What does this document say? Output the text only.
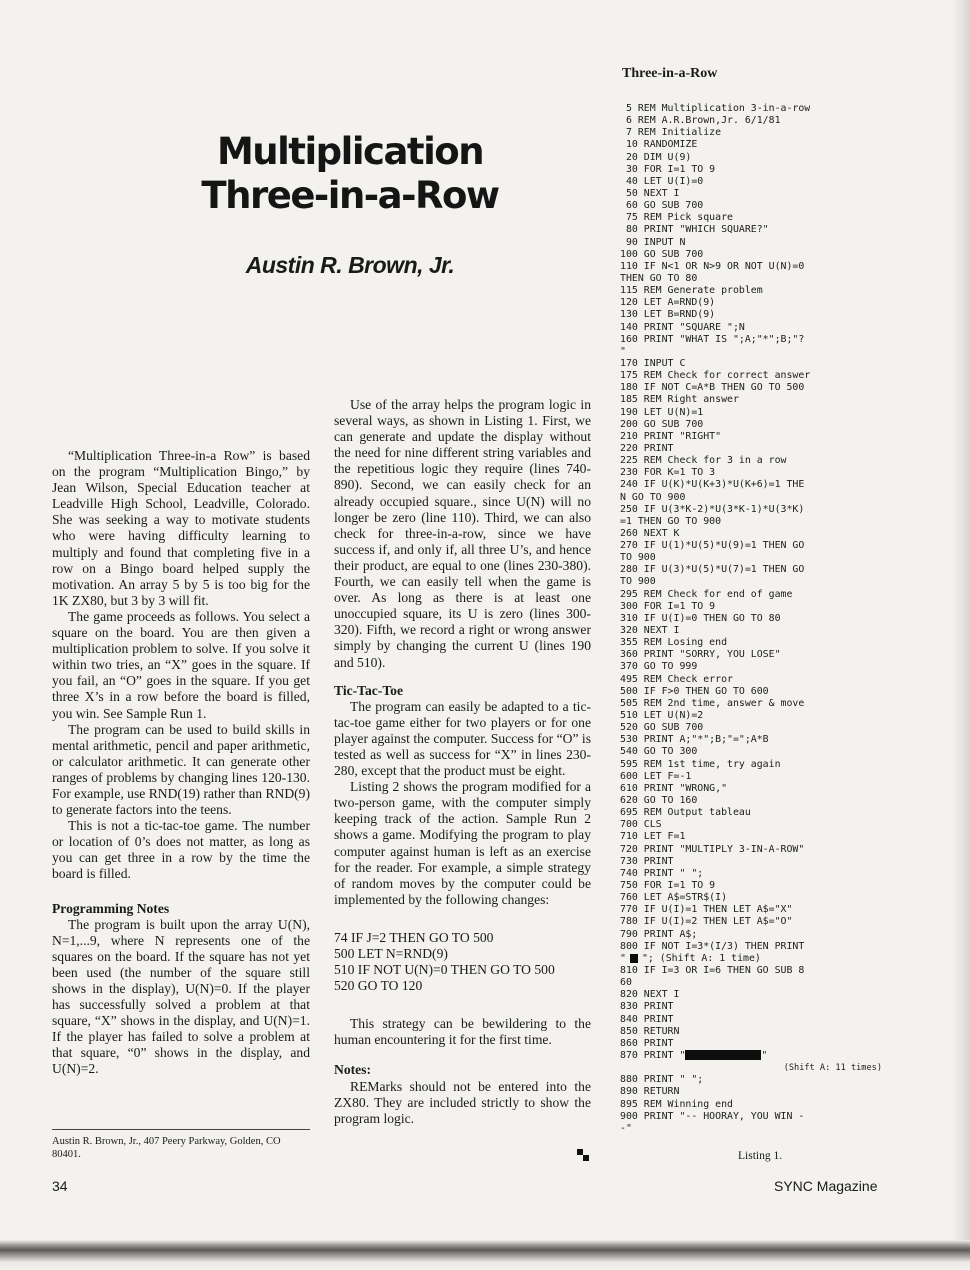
Multiplication
Three-in-a-Row
Austin R. Brown, Jr.

“Multiplication Three-in-a Row” is based on the program “Multiplication Bingo,” by Jean Wilson, Special Education teacher at Leadville High School, Leadville, Colorado. She was seeking a way to motivate students who were having difficulty learning to multiply and found that completing five in a row on a Bingo board helped supply the motivation. An array 5 by 5 is too big for the 1K ZX80, but 3 by 3 will fit.

The game proceeds as follows. You select a square on the board. You are then given a multiplication problem to solve. If you solve it within two tries, an “X” goes in the square. If you fail, an “O” goes in the square. If you get three X’s in a row before the board is filled, you win. See Sample Run 1.

The program can be used to build skills in mental arithmetic, pencil and paper arithmetic, or calculator arithmetic. It can generate other ranges of problems by changing lines 120-130. For example, use RND(19) rather than RND(9) to generate factors into the teens.

This is not a tic-tac-toe game. The number or location of 0’s does not matter, as long as you can get three in a row by the time the board is filled.

Programming Notes

The program is built upon the array U(N), N=1,...9, where N represents one of the squares on the board. If the square has not yet been used (the number of the square still shows in the display), U(N)=0. If the player has successfully solved a problem at that square, “X” shows in the display, and U(N)=1. If the player has failed to solve a problem at that square, “0” shows in the display, and U(N)=2.

Use of the array helps the program logic in several ways, as shown in Listing 1. First, we can generate and update the display without the need for nine different string variables and the repetitious logic they require (lines 740-890). Second, we can easily check for an already occupied square., since U(N) will no longer be zero (line 110). Third, we can also check for three-in-a-row, since we have success if, and only if, all three U’s, and hence their product, are equal to one (lines 230-380). Fourth, we can easily tell when the game is over. As long as there is at least one unoccupied square, its U is zero (lines 300-320). Fifth, we record a right or wrong answer simply by changing the current U (lines 190 and 510).

Tic-Tac-Toe

The program can easily be adapted to a tic-tac-toe game either for two players or for one player against the computer. Success for “O” is tested as well as success for “X” in lines 230-280, except that the product must be eight.

Listing 2 shows the program modified for a two-person game, with the computer simply keeping track of the action. Sample Run 2 shows a game. Modifying the program to play computer against human is left as an exercise for the reader. For example, a simple strategy of random moves by the computer could be implemented by the following changes:

74 IF J=2 THEN GO TO 500
500 LET N=RND(9)
510 IF NOT U(N)=0 THEN GO TO 500
520 GO TO 120

This strategy can be bewildering to the human encountering it for the first time.

Notes:

REMarks should not be entered into the ZX80. They are included strictly to show the program logic.

Austin R. Brown, Jr., 407 Peery Parkway, Golden, CO 80401.
Three-in-a-Row
5 REM Multiplication 3-in-a-row
6 REM A.R.Brown,Jr. 6/1/81
7 REM Initialize
10 RANDOMIZE
20 DIM U(9)
30 FOR I=1 TO 9
40 LET U(I)=0
50 NEXT I
60 GO SUB 700
75 REM Pick square
80 PRINT "WHICH SQUARE?"
90 INPUT N
100 GO SUB 700
110 IF N<1 OR N>9 OR NOT U(N)=0
THEN GO TO 80
115 REM Generate problem
120 LET A=RND(9)
130 LET B=RND(9)
140 PRINT "SQUARE ";N
160 PRINT "WHAT IS ";A;"*";B;"?
"
170 INPUT C
175 REM Check for correct answer
180 IF NOT C=A*B THEN GO TO 500
185 REM Right answer
190 LET U(N)=1
200 GO SUB 700
210 PRINT "RIGHT"
220 PRINT
225 REM Check for 3 in a row
230 FOR K=1 TO 3
240 IF U(K)*U(K+3)*U(K+6)=1 THE
N GO TO 900
250 IF U(3*K-2)*U(3*K-1)*U(3*K)
=1 THEN GO TO 900
260 NEXT K
270 IF U(1)*U(5)*U(9)=1 THEN GO
TO 900
280 IF U(3)*U(5)*U(7)=1 THEN GO
TO 900
295 REM Check for end of game
300 FOR I=1 TO 9
310 IF U(I)=0 THEN GO TO 80
320 NEXT I
355 REM Losing end
360 PRINT "SORRY, YOU LOSE"
370 GO TO 999
495 REM Check error
500 IF F>0 THEN GO TO 600
505 REM 2nd time, answer & move
510 LET U(N)=2
520 GO SUB 700
530 PRINT A;"*";B;"=";A*B
540 GO TO 300
595 REM 1st time, try again
600 LET F=-1
610 PRINT "WRONG,"
620 GO TO 160
695 REM Output tableau
700 CLS
710 LET F=1
720 PRINT "MULTIPLY 3-IN-A-ROW"
730 PRINT
740 PRINT " ";
750 FOR I=1 TO 9
760 LET A$=STR$(I)
770 IF U(I)=1 THEN LET A$="X"
780 IF U(I)=2 THEN LET A$="O"
790 PRINT A$;
800 IF NOT I=3*(I/3) THEN PRINT
" "; (Shift A: 1 time)
810 IF I=3 OR I=6 THEN GO SUB 8
60
820 NEXT I
830 PRINT
840 PRINT
850 RETURN
860 PRINT
870 PRINT "	"
(Shift A: 11 times)
880 PRINT " ";
890 RETURN
895 REM Winning end
900 PRINT "-- HOORAY, YOU WIN -
-"
Listing 1.
34	SYNC Magazine
